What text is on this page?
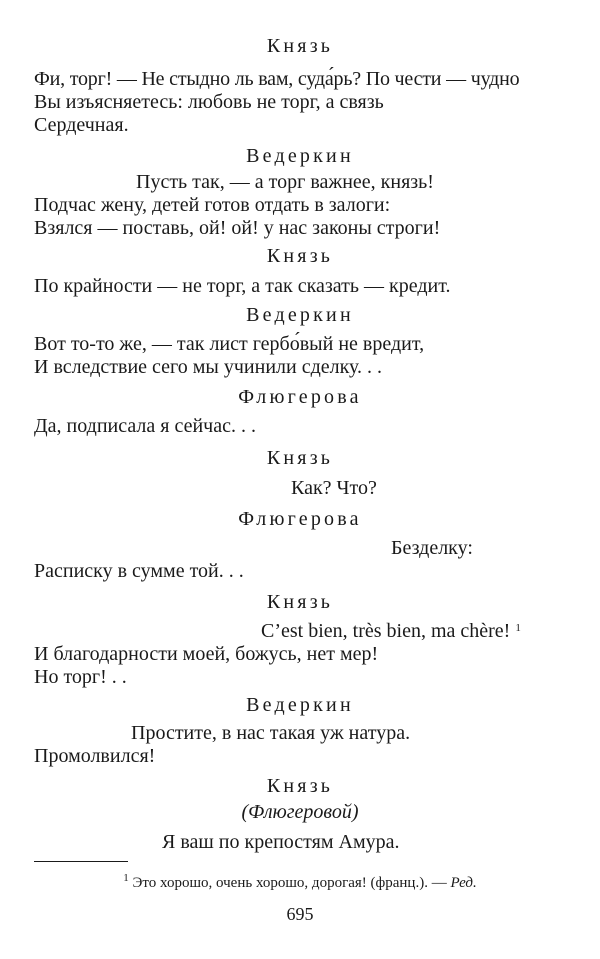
Князь
Фи, торг! — Не стыдно ль вам, суда́рь? По чести — чудно
Вы изъясняетесь: любовь не торг, а связь
Сердечная.
Ведеркин
Пусть так, — а торг важнее, князь!
Подчас жену, детей готов отдать в залоги:
Взялся — поставь, ой! ой! у нас законы строги!
Князь
По крайности — не торг, а так сказать — кредит.
Ведеркин
Вот то-то же, — так лист гербо́вый не вредит,
И вследствие сего мы учинили сделку. . .
Флюгерова
Да, подписала я сейчас. . .
Князь
Как? Что?
Флюгерова
Безделку:
Расписку в сумме той. . .
Князь
C’est bien, très bien, ma chère! $^1$
И благодарности моей, божусь, нет мер!
Но торг! . .
Ведеркин
Простите, в нас такая уж натура.
Промолвился!
Князь
(Флюгеровой)
Я ваш по крепостям Амура.
$^1$ Это хорошо, очень хорошо, дорогая! (франц.). — Ред.
695
